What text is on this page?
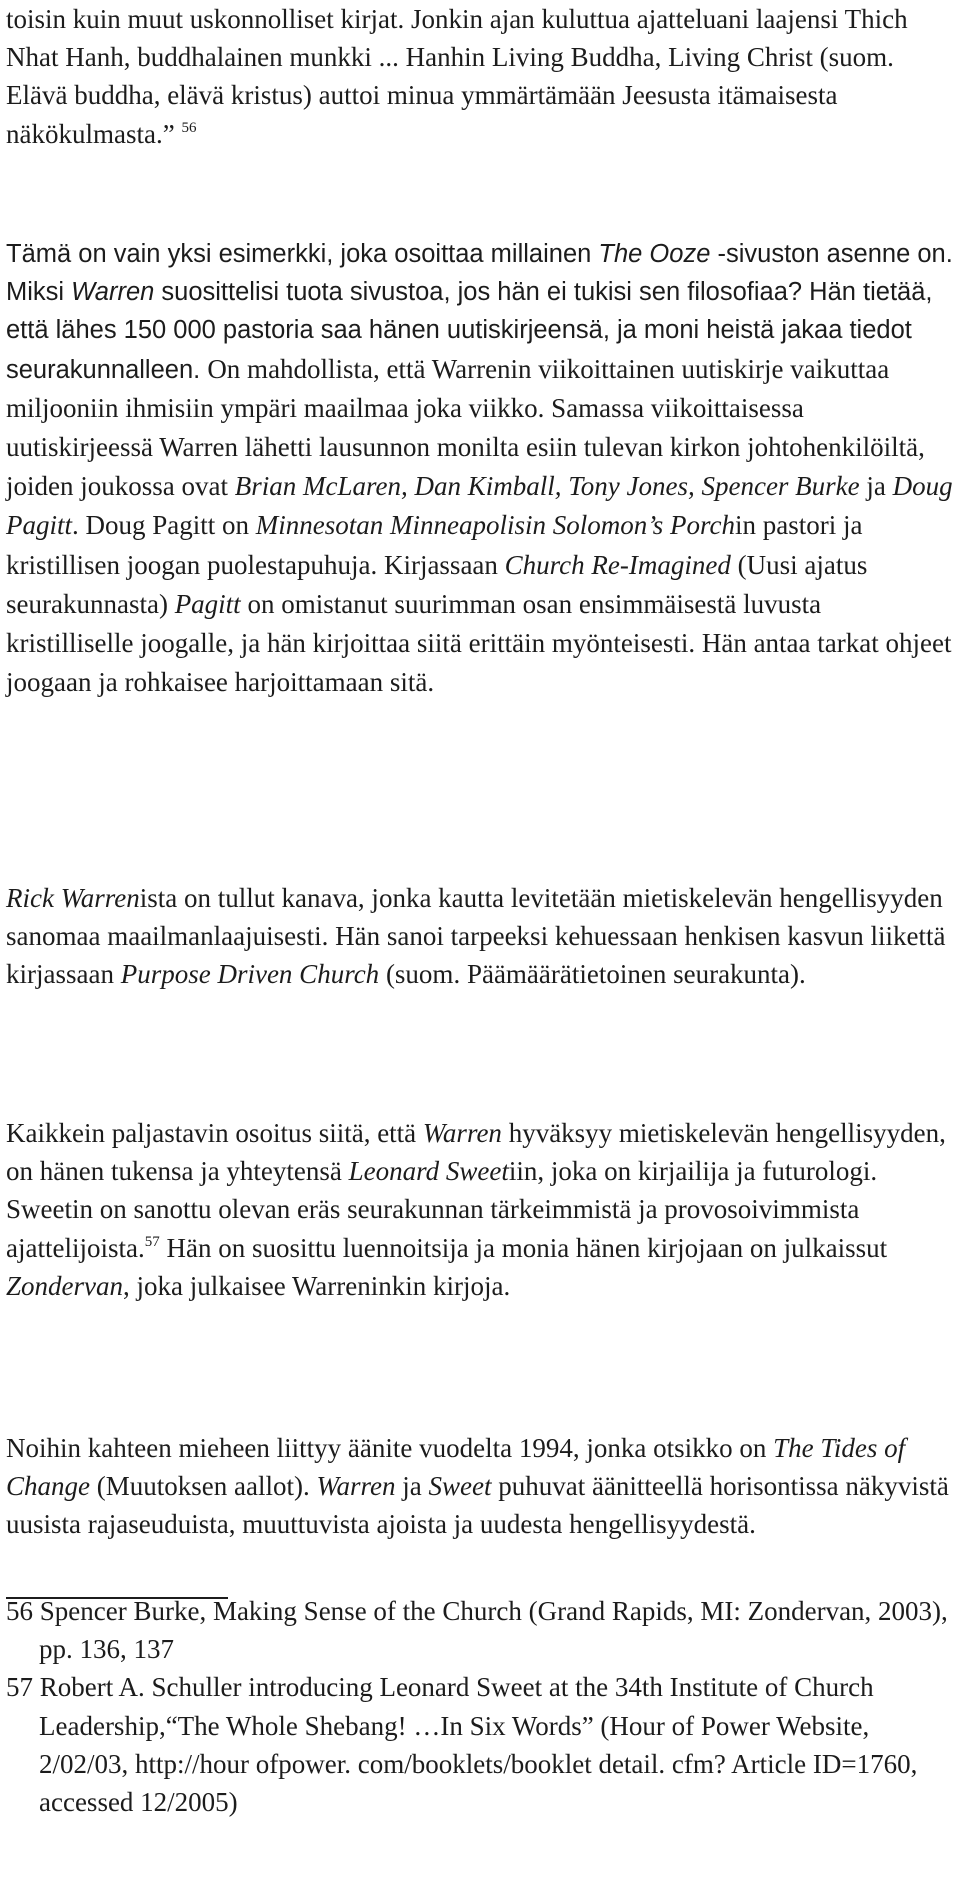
toisin kuin muut uskonnolliset kirjat. Jonkin ajan kuluttua ajatteluani laajensi Thich Nhat Hanh, buddhalainen munkki ... Hanhin Living Buddha, Living Christ (suom. Elävä buddha, elävä kristus) auttoi minua ymmärtämään Jeesusta itämaisesta näkökulmasta.” $^{56}$

Tämä on vain yksi esimerkki, joka osoittaa millainen The Ooze -sivuston asenne on. Miksi Warren suosittelisi tuota sivustoa, jos hän ei tukisi sen filosofiaa? Hän tietää, että lähes 150 000 pastoria saa hänen uutiskirjeensä, ja moni heistä jakaa tiedot seurakunnalleen. On mahdollista, että Warrenin viikoittainen uutiskirje vaikuttaa miljooniin ihmisiin ympäri maailmaa joka viikko. Samassa viikoittaisessa uutiskirjeessä Warren lähetti lausunnon monilta esiin tulevan kirkon johtohenkilöiltä, joiden joukossa ovat Brian McLaren, Dan Kimball, Tony Jones, Spencer Burke ja Doug Pagitt. Doug Pagitt on Minnesotan Minneapolisin Solomon’s Porchin pastori ja kristillisen joogan puolestapuhuja. Kirjassaan Church Re-Imagined (Uusi ajatus seurakunnasta) Pagitt on omistanut suurimman osan ensimmäisestä luvusta kristilliselle joogalle, ja hän kirjoittaa siitä erittäin myönteisesti. Hän antaa tarkat ohjeet joogaan ja rohkaisee harjoittamaan sitä.

Rick Warrenista on tullut kanava, jonka kautta levitetään mietiskelevän hengellisyyden sanomaa maailmanlaajuisesti. Hän sanoi tarpeeksi kehuessaan henkisen kasvun liikettä kirjassaan Purpose Driven Church (suom. Päämäärätietoinen seurakunta).

Kaikkein paljastavin osoitus siitä, että Warren hyväksyy mietiskelevän hengellisyyden, on hänen tukensa ja yhteytensä Leonard Sweetiin, joka on kirjailija ja futurologi. Sweetin on sanottu olevan eräs seurakunnan tärkeimmistä ja provosoivimmista ajattelijoista.$^{57}$ Hän on suosittu luennoitsija ja monia hänen kirjojaan on julkaissut Zondervan, joka julkaisee Warreninkin kirjoja.

Noihin kahteen mieheen liittyy äänite vuodelta 1994, jonka otsikko on The Tides of Change (Muutoksen aallot). Warren ja Sweet puhuvat äänitteellä horisontissa näkyvistä uusista rajaseuduista, muuttuvista ajoista ja uudesta hengellisyydestä.

56 Spencer Burke, Making Sense of the Church (Grand Rapids, MI: Zondervan, 2003), pp. 136, 137

57 Robert A. Schuller introducing Leonard Sweet at the 34th Institute of Church Leadership,“The Whole Shebang! …In Six Words” (Hour of Power Website, 2/02/03, http://hour ofpower. com/booklets/booklet detail. cfm? Article ID=1760, accessed 12/2005)
